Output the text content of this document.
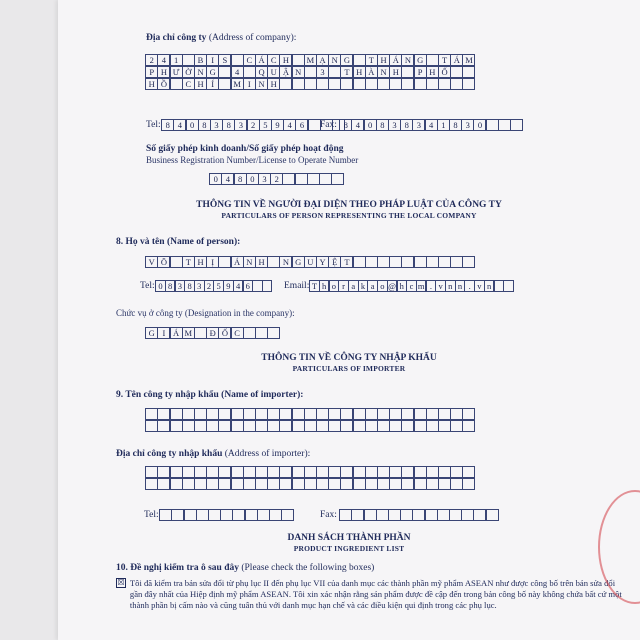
Địa chỉ công ty (Address of company):
2 4 1	B I S	C Á C H	M Ạ N G	T H Á N G	T Á M
P H Ư Ờ N G	4	Q U Ậ N	3	T H À N H	P H Ố
H Ồ	C H Í	M I N H
Tel: 8 4 0 8 3 8 3 2 5 9 4 6	Fax: 8 4 0 8 3 8 3 4 1 8 3 0
Số giấy phép kinh doanh/Số giấy phép hoạt động
Business Registration Number/License to Operate Number
0 4 8 0 3 2
THÔNG TIN VỀ NGƯỜI ĐẠI DIỆN THEO PHÁP LUẬT CỦA CÔNG TY
PARTICULARS OF PERSON REPRESENTING THE LOCAL COMPANY
8. Họ và tên (Name of person):
V Õ	T H Ị	Á N H	N G U Y Ệ T
Tel: 0 8 3 8 3 2 5 9 4 6	Email: T h o r a k a o @ h c m . v n n . v n
Chức vụ ở công ty (Designation in the company):
G I Á M	Đ Ố C
THÔNG TIN VỀ CÔNG TY NHẬP KHẨU
PARTICULARS OF IMPORTER
9. Tên công ty nhập khẩu (Name of importer):
Địa chỉ công ty nhập khẩu (Address of importer):
Tel:	Fax:
DANH SÁCH THÀNH PHẦN
PRODUCT INGREDIENT LIST
10. Đề nghị kiểm tra ô sau đây (Please check the following boxes)
☒ Tôi đã kiểm tra bản sửa đổi từ phụ lục II đến phụ lục VII của danh mục các thành phần mỹ phẩm ASEAN như được công bố trên bản sửa đổi gần đây nhất của Hiệp định mỹ phẩm ASEAN. Tôi xin xác nhận rằng sản phẩm được đề cập đến trong bản công bố này không chứa bất cứ một thành phần bị cấm nào và cũng tuân thủ với danh mục hạn chế và các điều kiện qui định trong các phụ lục.
